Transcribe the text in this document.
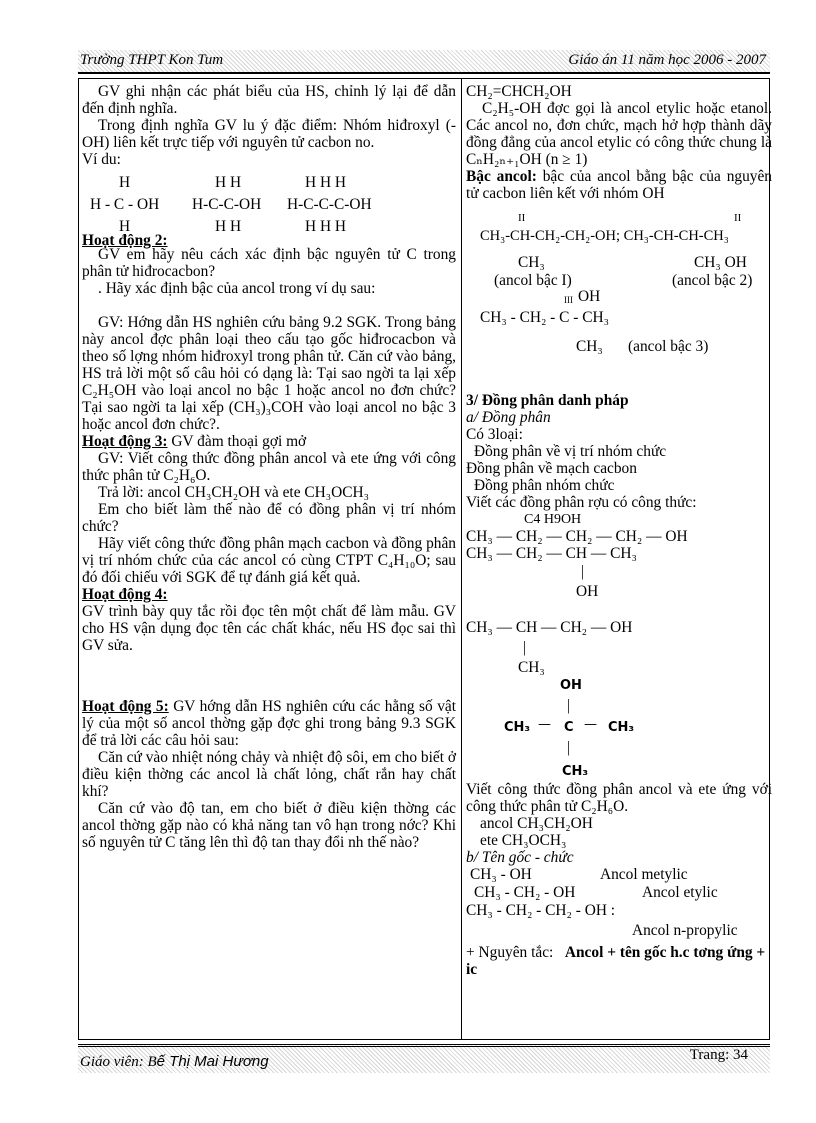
Trường THPT Kon Tum	Giáo án 11 năm học 2006 - 2007

GV ghi nhận các phát biểu của HS, chỉnh lý lại để dẫn đến định nghĩa.

Trong định nghĩa GV lu ý đặc điểm: Nhóm hiđroxyl (-OH) liên kết trực tiếp với nguyên tử cacbon no.

Ví du:

H	H H	H H H
H - C - OH H-C-C-OH H-C-C-C-OH
H	H H	H H H

Hoạt động 2:

GV em hãy nêu cách xác định bậc nguyên tử C trong phân tử hiđrocacbon?

. Hãy xác định bậc của ancol trong ví dụ sau:

GV: Hớng dẫn HS nghiên cứu bảng 9.2 SGK. Trong bảng này ancol đợc phân loại theo cấu tạo gốc hiđrocacbon và theo số lợng nhóm hiđroxyl trong phân tử. Căn cứ vào bảng, HS trả lời một số câu hỏi có dạng là: Tại sao ngời ta lại xếp C₂H₅OH vào loại ancol no bậc 1 hoặc ancol no đơn chức? Tại sao ngời ta lại xếp (CH₃)₃COH vào loại ancol no bậc 3 hoặc ancol đơn chức?.

Hoạt động 3: GV đàm thoại gợi mở

GV: Viết công thức đồng phân ancol và ete ứng với công thức phân tử C₂H₆O.

Trả lời: ancol CH₃CH₂OH và ete CH₃OCH₃

Em cho biết làm thế nào để có đồng phân vị trí nhóm chức?

Hãy viết công thức đồng phân mạch cacbon và đồng phân vị trí nhóm chức của các ancol có cùng CTPT C₄H₁₀O; sau đó đối chiếu với SGK để tự đánh giá kết quả.

Hoạt động 4:

GV trình bày quy tắc rồi đọc tên một chất để làm mẫu. GV cho HS vận dụng đọc tên các chất khác, nếu HS đọc sai thì GV sửa.

Hoạt động 5: GV hớng dẫn HS nghiên cứu các hằng số vật lý của một số ancol thờng gặp đợc ghi trong bảng 9.3 SGK để trả lời các câu hỏi sau:

Căn cứ vào nhiệt nóng chảy và nhiệt độ sôi, em cho biết ở điều kiện thờng các ancol là chất lỏng, chất rắn hay chất khí?

Căn cứ vào độ tan, em cho biết ở điều kiện thờng các ancol thờng gặp nào có khả năng tan vô hạn trong nớc? Khi số nguyên tử C tăng lên thì độ tan thay đổi nh thế nào?

CH₂=CHCH₂OH

C₂H₅-OH đợc gọi là ancol etylic hoặc etanol. Các ancol no, đơn chức, mạch hở hợp thành dãy đồng đẳng của ancol etylic có công thức chung là CₙH₂ₙ₊₁OH (n ≥ 1)

Bậc ancol: bậc của ancol bằng bậc của nguyên tử cacbon liên kết với nhóm OH

II	II
CH₃-CH-CH₂-CH₂-OH; CH₃-CH-CH-CH₃
CH₃	CH₃ OH
(ancol bậc I)	(ancol bậc 2)
III OH
CH₃ - CH₂ - C - CH₃
CH₃ (ancol bậc 3)

3/ Đồng phân danh pháp

a/ Đồng phân

Có 3loại:

Đồng phân về vị trí nhóm chức

Đồng phân về mạch cacbon

Đồng phân nhóm chức

Viết các đồng phân rợu có công thức:

C4 H9OH
CH₃ — CH₂ — CH₂ — CH₂ — OH
CH₃ — CH₂ — CH — CH₃
|
OH
CH₃ — CH — CH₂ — OH
|
CH₃
OH
|
CH₃ — C — CH₃
|
CH₃

Viết công thức đồng phân ancol và ete ứng với công thức phân tử C₂H₆O.

ancol CH₃CH₂OH

ete CH₃OCH₃

b/ Tên gốc - chức

CH₃ - OH	Ancol metylic
CH₃ - CH₂ - OH	Ancol etylic
CH₃ - CH₂ - CH₂ - OH :
Ancol n-propylic

+ Nguyên tắc: Ancol + tên gốc h.c tơng ứng + ic

Giáo viên: Bế Thị Mai Hương	Trang: 34
